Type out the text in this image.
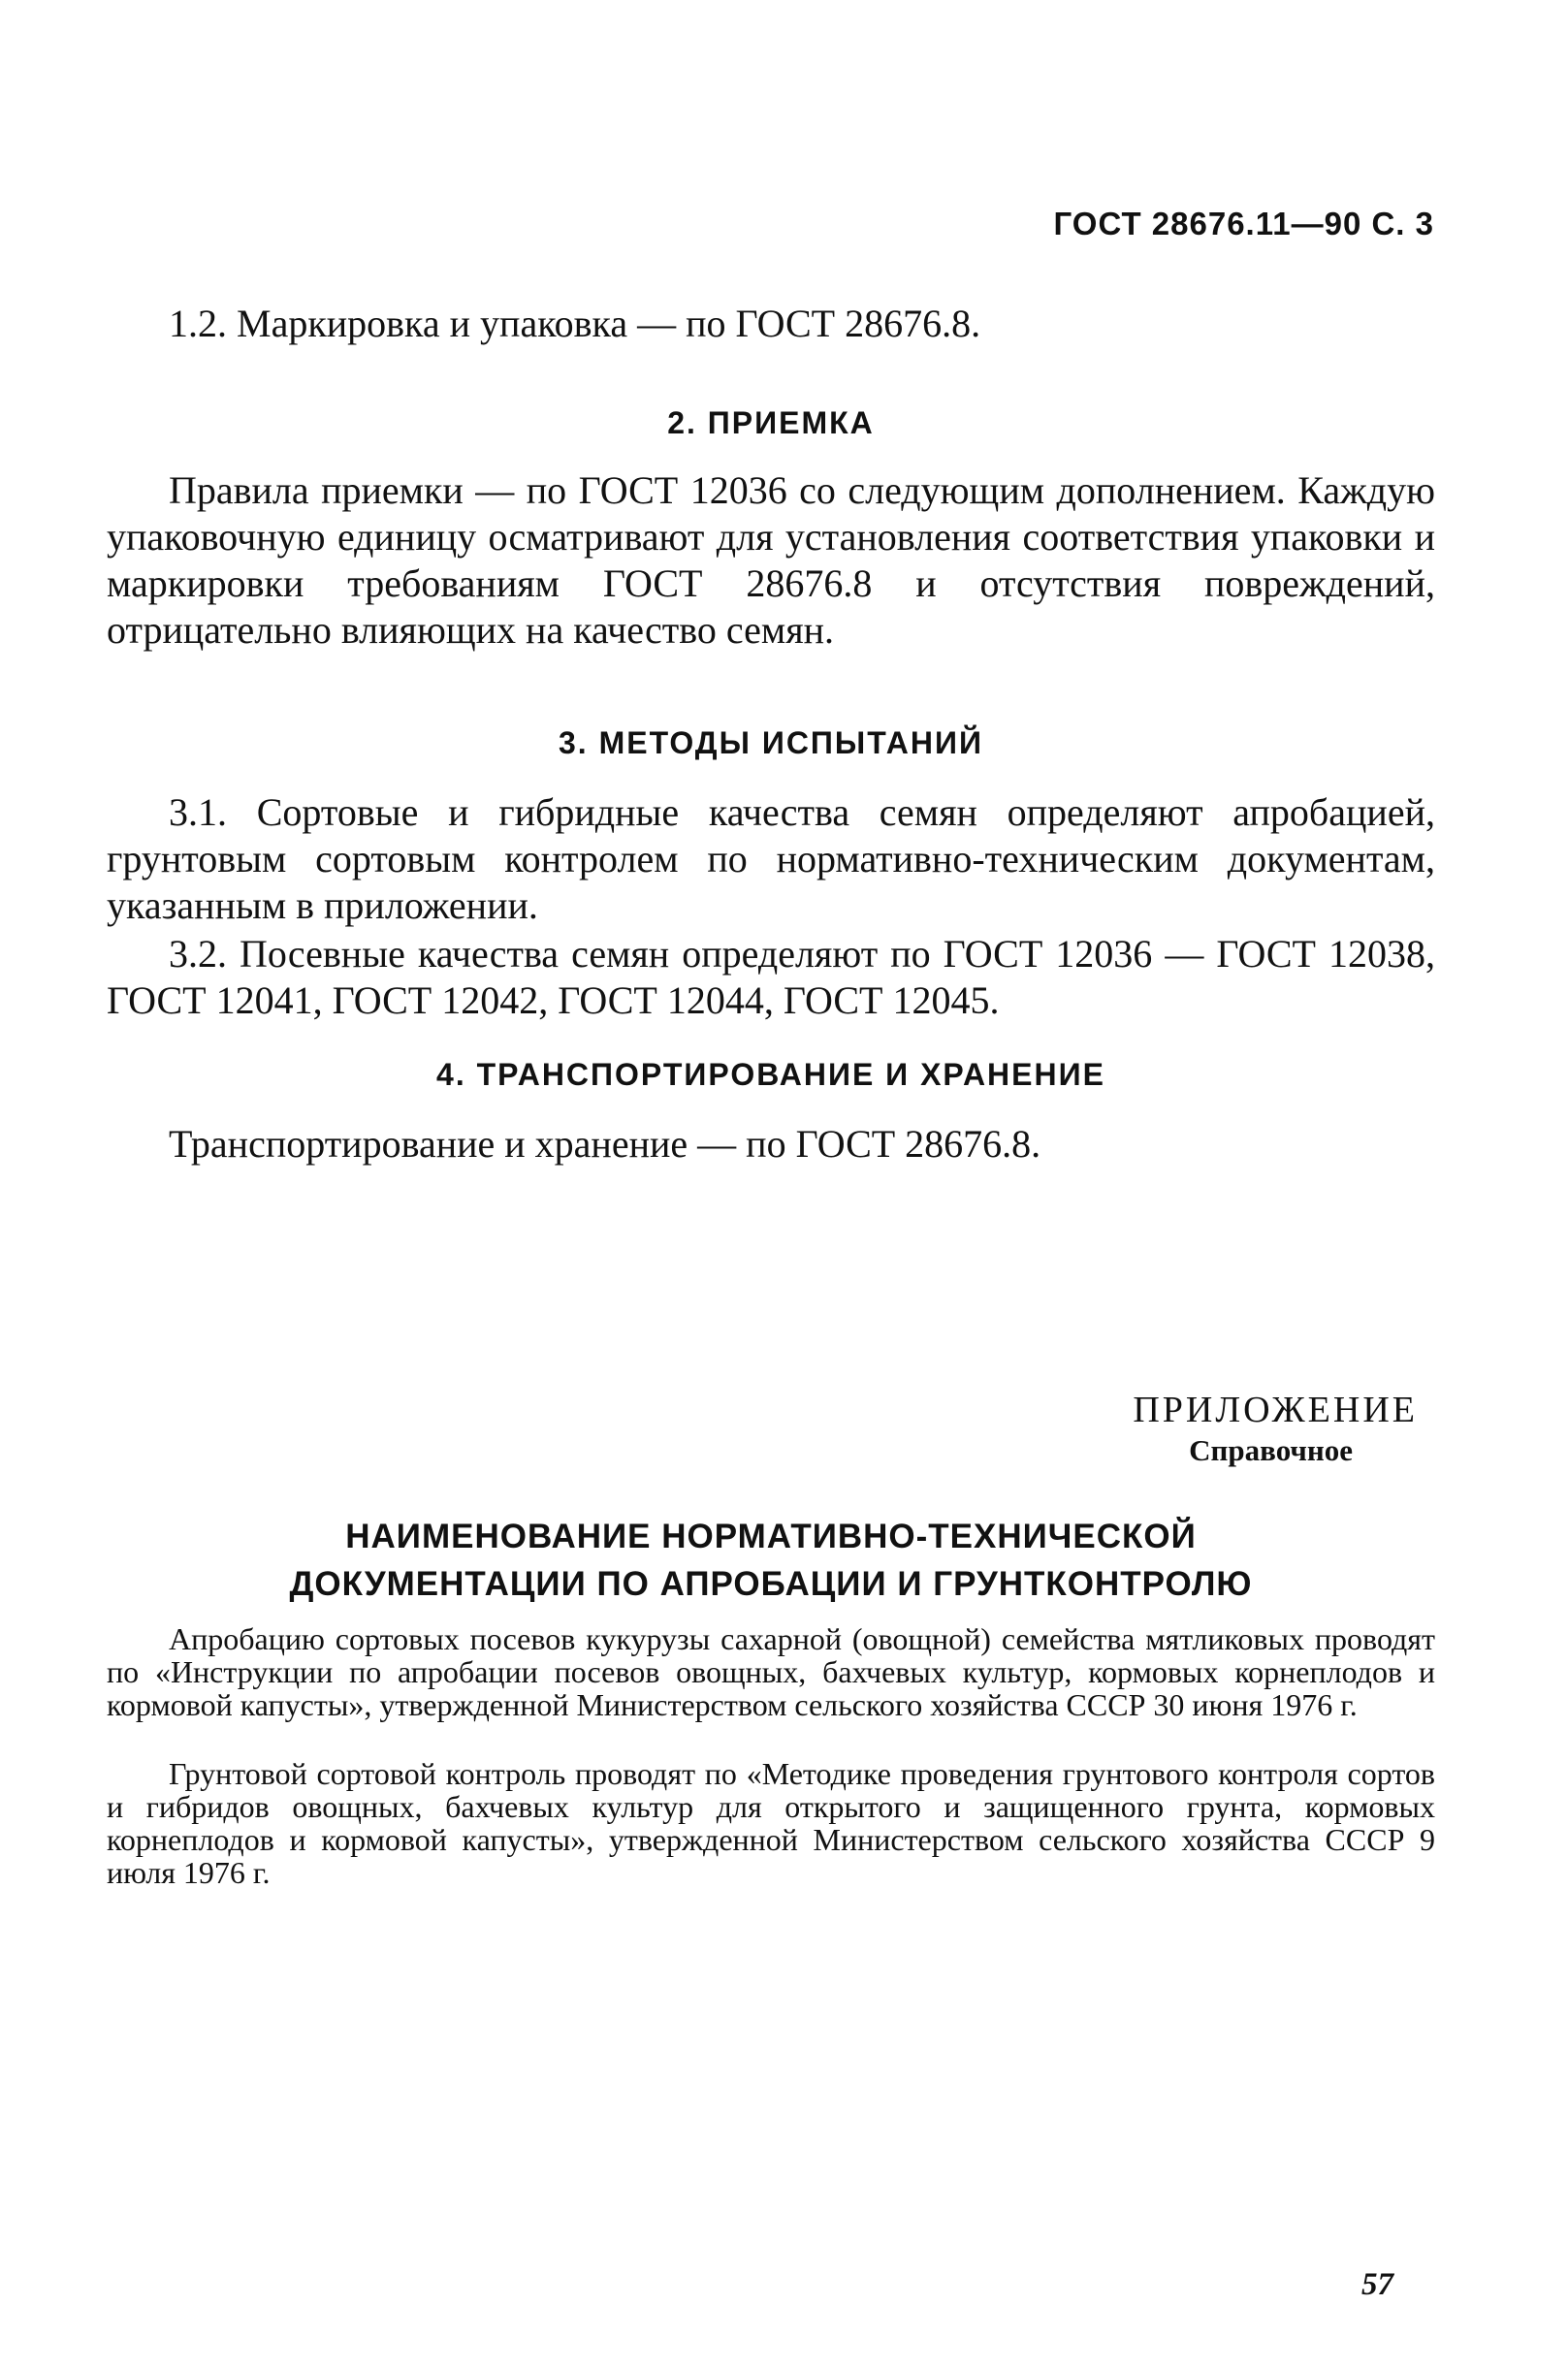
ГОСТ 28676.11—90 С. 3
1.2. Маркировка и упаковка — по ГОСТ 28676.8.
2. ПРИЕМКА
Правила приемки — по ГОСТ 12036 со следующим дополнением. Каждую упаковочную единицу осматривают для установления соответствия упаковки и маркировки требованиям ГОСТ 28676.8 и отсутствия повреждений, отрицательно влияющих на качество семян.
3. МЕТОДЫ ИСПЫТАНИЙ
3.1. Сортовые и гибридные качества семян определяют апробацией, грунтовым сортовым контролем по нормативно-техническим документам, указанным в приложении.
3.2. Посевные качества семян определяют по ГОСТ 12036 — ГОСТ 12038, ГОСТ 12041, ГОСТ 12042, ГОСТ 12044, ГОСТ 12045.
4. ТРАНСПОРТИРОВАНИЕ И ХРАНЕНИЕ
Транспортирование и хранение — по ГОСТ 28676.8.
ПРИЛОЖЕНИЕ
Справочное
НАИМЕНОВАНИЕ НОРМАТИВНО-ТЕХНИЧЕСКОЙ
ДОКУМЕНТАЦИИ ПО АПРОБАЦИИ И ГРУНТКОНТРОЛЮ
Апробацию сортовых посевов кукурузы сахарной (овощной) семейства мятликовых проводят по «Инструкции по апробации посевов овощных, бахчевых культур, кормовых корнеплодов и кормовой капусты», утвержденной Министерством сельского хозяйства СССР 30 июня 1976 г.
Грунтовой сортовой контроль проводят по «Методике проведения грунтового контроля сортов и гибридов овощных, бахчевых культур для открытого и защищенного грунта, кормовых корнеплодов и кормовой капусты», утвержденной Министерством сельского хозяйства СССР 9 июля 1976 г.
57
